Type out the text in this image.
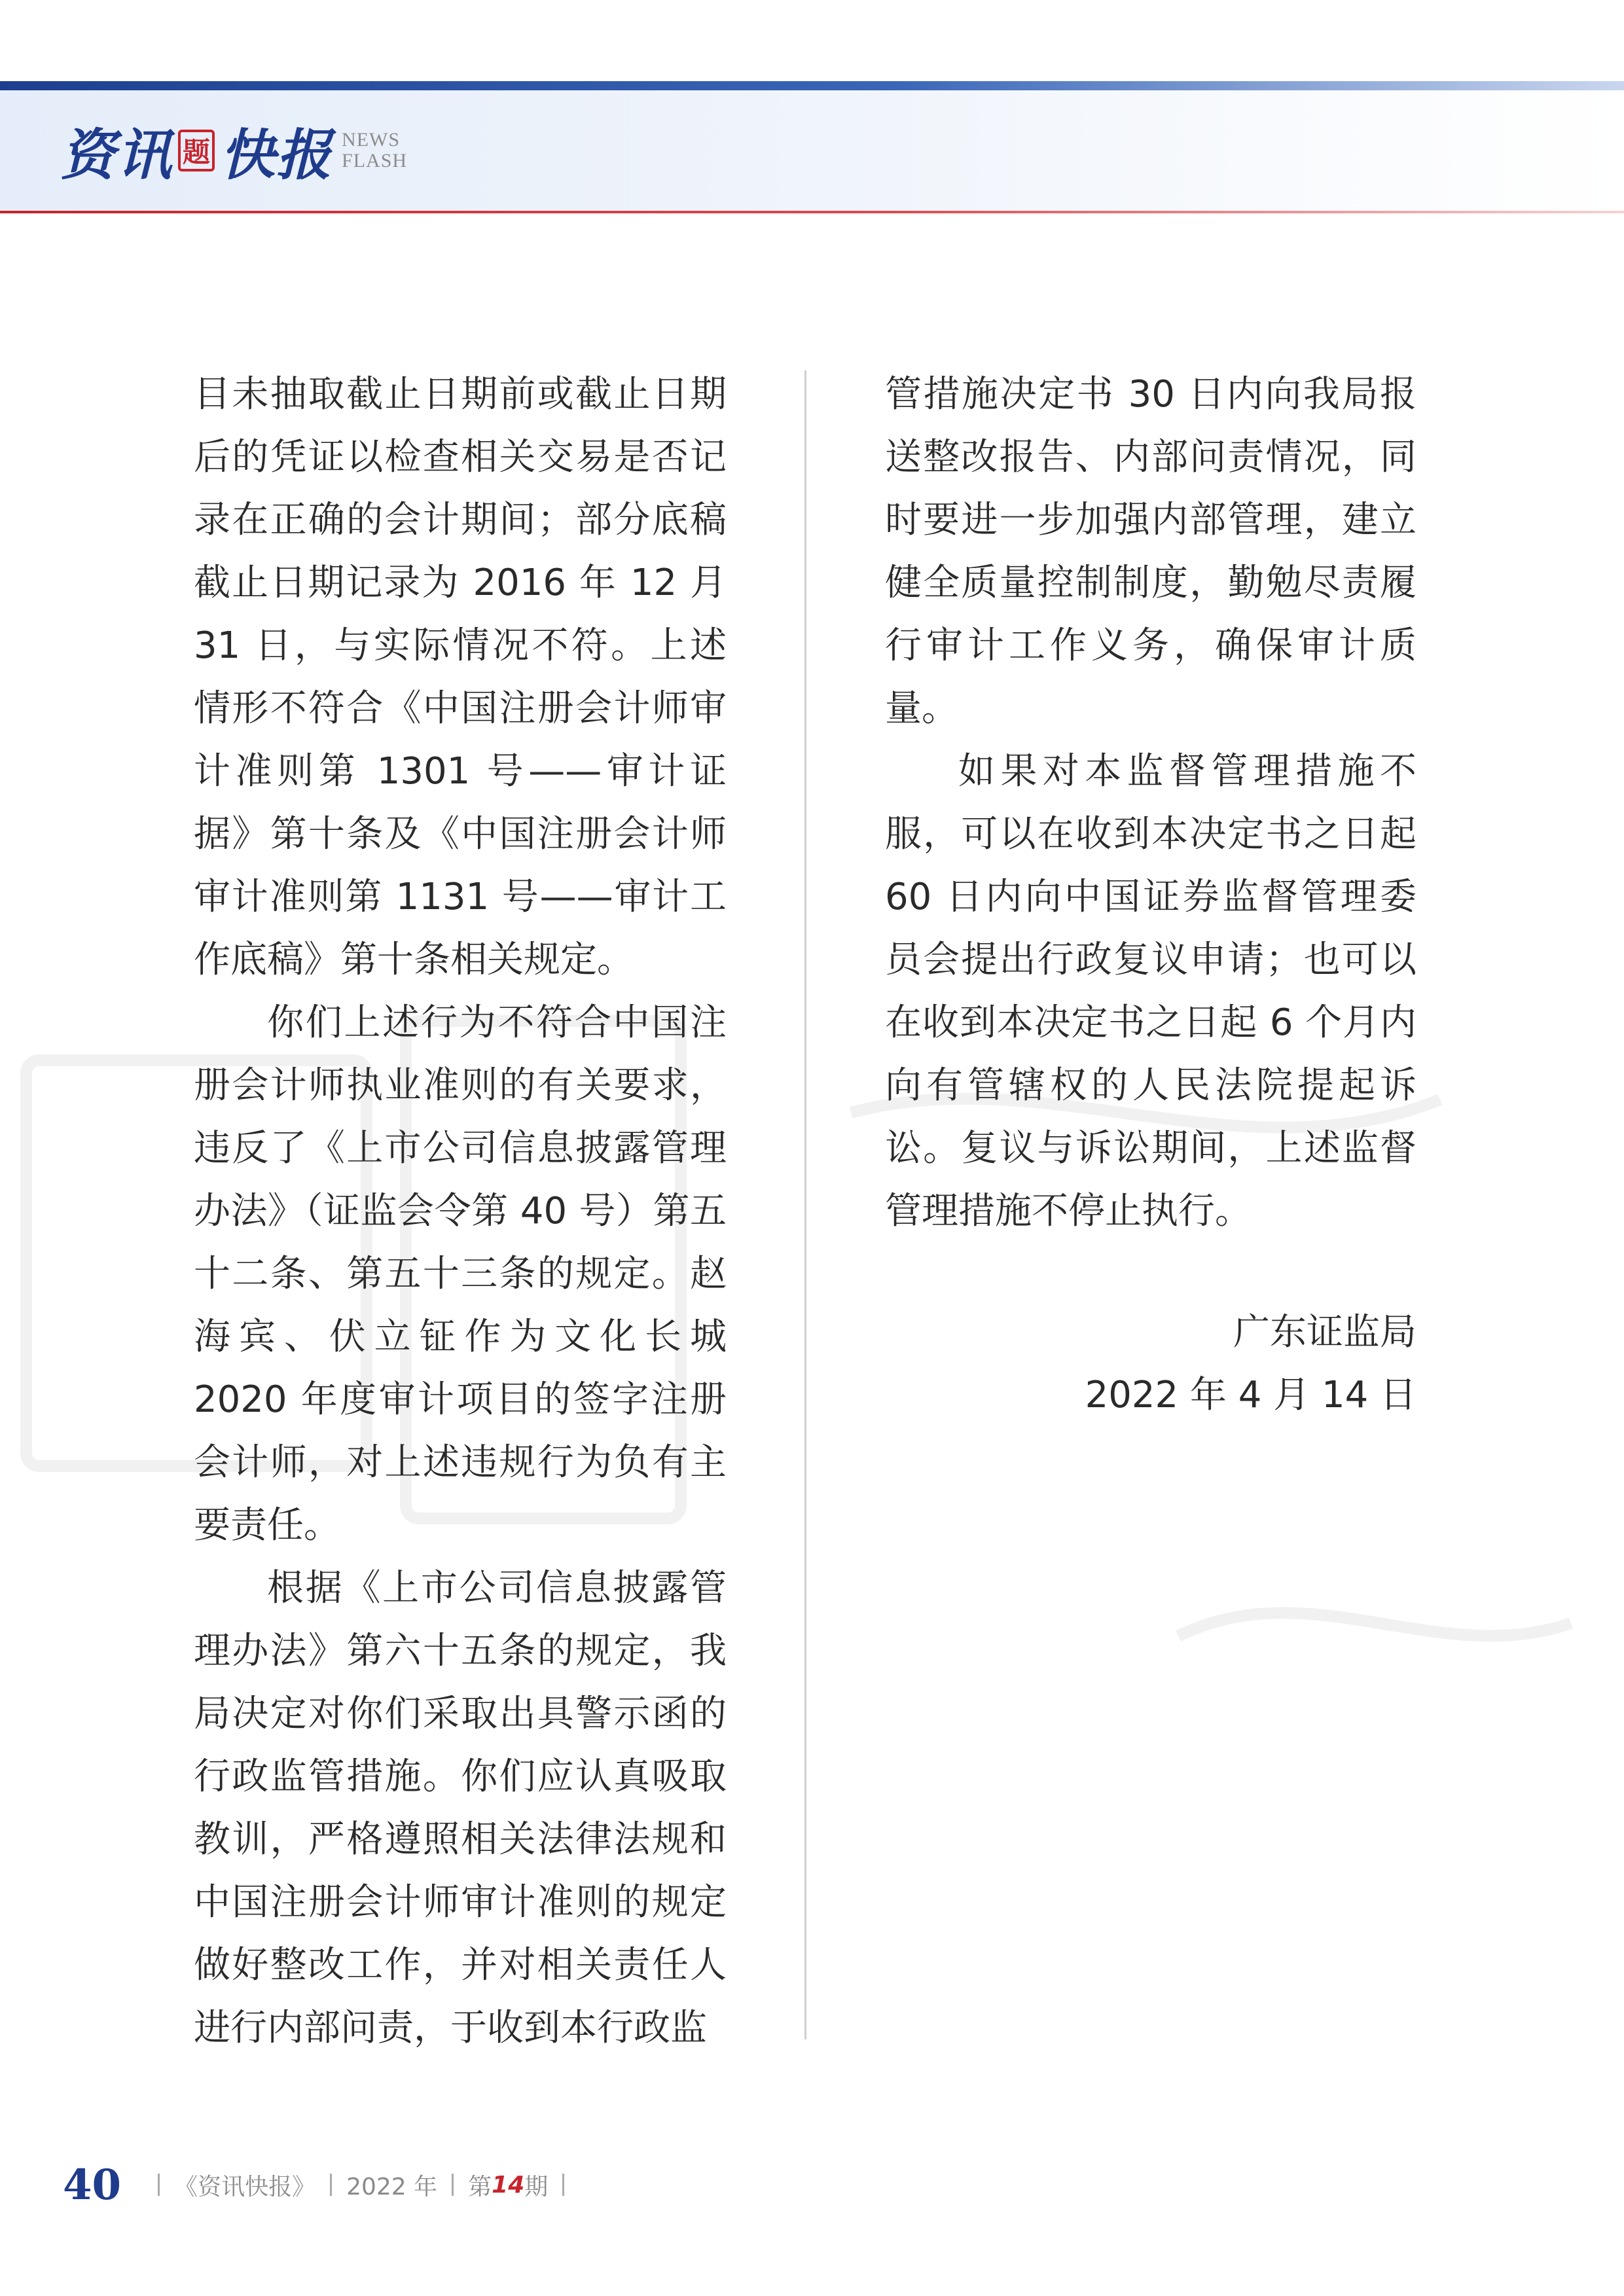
资讯 题 快报 NEWS
FLASH

目未抽取截止日期前或截止日期后的凭证以检查相关交易是否记录在正确的会计期间；部分底稿截止日期记录为 2016 年 12 月 31 日，与实际情况不符。上述情形不符合《中国注册会计师审计准则第 1301 号——审计证据》第十条及《中国注册会计师审计准则第 1131 号——审计工作底稿》第十条相关规定。

你们上述行为不符合中国注册会计师执业准则的有关要求，违反了《上市公司信息披露管理办法》（证监会令第 40 号）第五十二条、第五十三条的规定。赵海宾、伏立钲作为文化长城 2020 年度审计项目的签字注册会计师，对上述违规行为负有主要责任。

根据《上市公司信息披露管理办法》第六十五条的规定，我局决定对你们采取出具警示函的行政监管措施。你们应认真吸取教训，严格遵照相关法律法规和中国注册会计师审计准则的规定做好整改工作，并对相关责任人进行内部问责，于收到本行政监

管措施决定书 30 日内向我局报送整改报告、内部问责情况，同时要进一步加强内部管理，建立健全质量控制制度，勤勉尽责履行审计工作义务，确保审计质量。

如果对本监督管理措施不服，可以在收到本决定书之日起 60 日内向中国证券监督管理委员会提出行政复议申请；也可以在收到本决定书之日起 6 个月内向有管辖权的人民法院提起诉讼。复议与诉讼期间，上述监督管理措施不停止执行。

广东证监局
2022 年 4 月 14 日
40 《资讯快报》 2022 年 第 14 期
